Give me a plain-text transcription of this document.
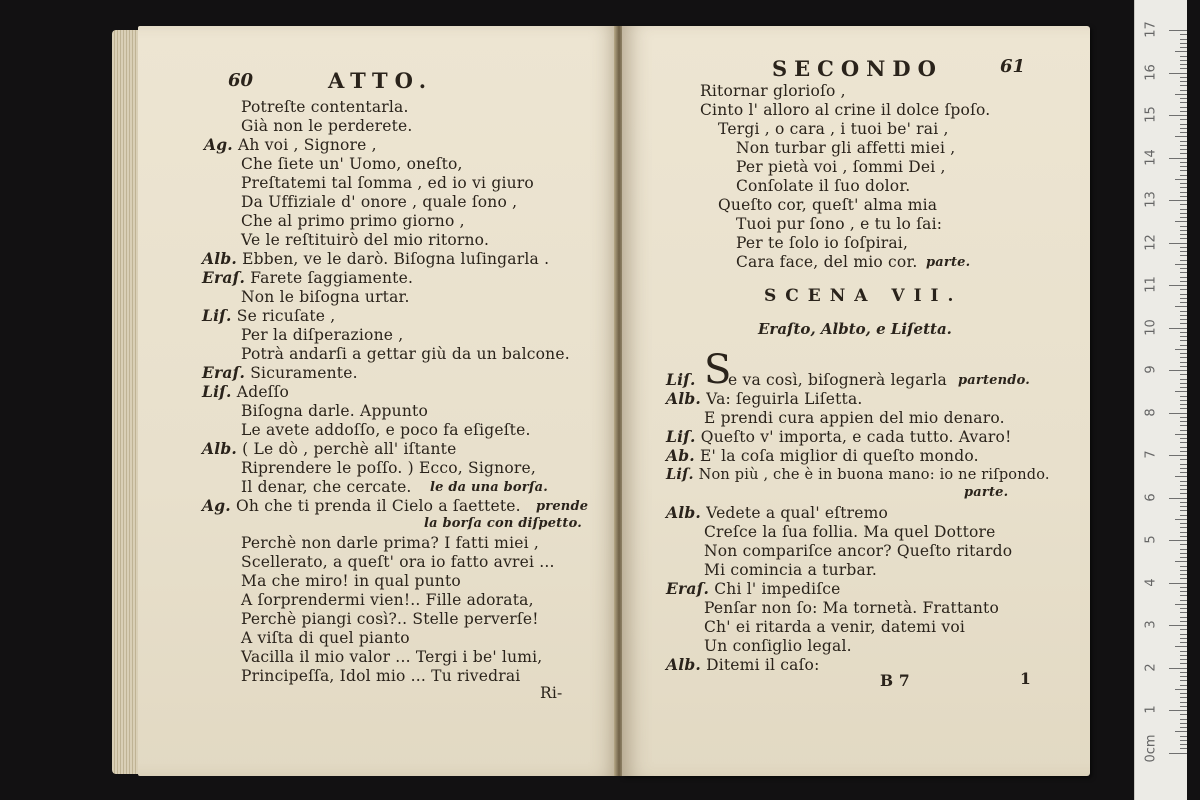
60	ATTO.
Potreſte contentarla.
Già non le perderete.
Ag. Ah voi , Signore ,
Che ſiete un' Uomo, oneſto,
Preſtatemi tal ſomma , ed io vi giuro
Da Uffiziale d' onore , quale ſono ,
Che al primo primo giorno ,
Ve le reſtituirò del mio ritorno.
Alb. Ebben, ve le darò. Biſogna luſingarla .
Eraſ. Farete ſaggiamente.
Non le biſogna urtar.
Liſ. Se ricuſate ,
Per la diſperazione ,
Potrà andarſi a gettar giù da un balcone.
Eraſ. Sicuramente.
Liſ. Adeſſo
Biſogna darle. Appunto
Le avete addoſſo, e poco fa eſigeſte.
Alb. ( Le dò , perchè all' iſtante
Riprendere le poſſo. ) Ecco, Signore,
Il denar, che cercate. le da una borſa.
Ag. Oh che ti prenda il Cielo a ſaettete. prende
la borſa con diſpetto.
Perchè non darle prima? I fatti miei ,
Scellerato, a queſt' ora io fatto avrei ...
Ma che miro! in qual punto
A ſorprendermi vien!.. Fille adorata,
Perchè piangi così?.. Stelle perverſe!
A viſta di quel pianto
Vacilla il mio valor ... Tergi i be' lumi,
Principeſſa, Idol mio ... Tu rivedrai
Ri-
SECONDO	61
Ritornar glorioſo ,
Cinto l' alloro al crine il dolce ſpoſo.
Tergi , o cara , i tuoi be' rai ,
Non turbar gli affetti miei ,
Per pietà voi , ſommi Dei ,
Conſolate il ſuo dolor.
Queſto cor, queſt' alma mia
Tuoi pur ſono , e tu lo ſai:
Per te ſolo io ſoſpirai,
Cara face, del mio cor. parte.
SCENA VII.
Eraſto, Albto, e Liſetta.
Liſ. S
e va così, biſognerà legarla partendo.
Alb. Va: ſeguirla Liſetta.
E prendi cura appien del mio denaro.
Liſ. Queſto v' importa, e cada tutto. Avaro!
Ab. E' la coſa miglior di queſto mondo.
Liſ. Non più , che è in buona mano: io ne riſpondo.
parte.
Alb. Vedete a qual' eſtremo
Creſce la ſua follia. Ma quel Dottore
Non compariſce ancor? Queſto ritardo
Mi comincia a turbar.
Eraſ. Chi l' impediſce
Penſar non ſo: Ma tornetà. Frattanto
Ch' ei ritarda a venir, datemi voi
Un conſiglio legal.
Alb. Ditemi il caſo:
B 7	1
17
16
15
14
13
12
11
10
9
8
7
6
5
4
3
2
1
0cm
